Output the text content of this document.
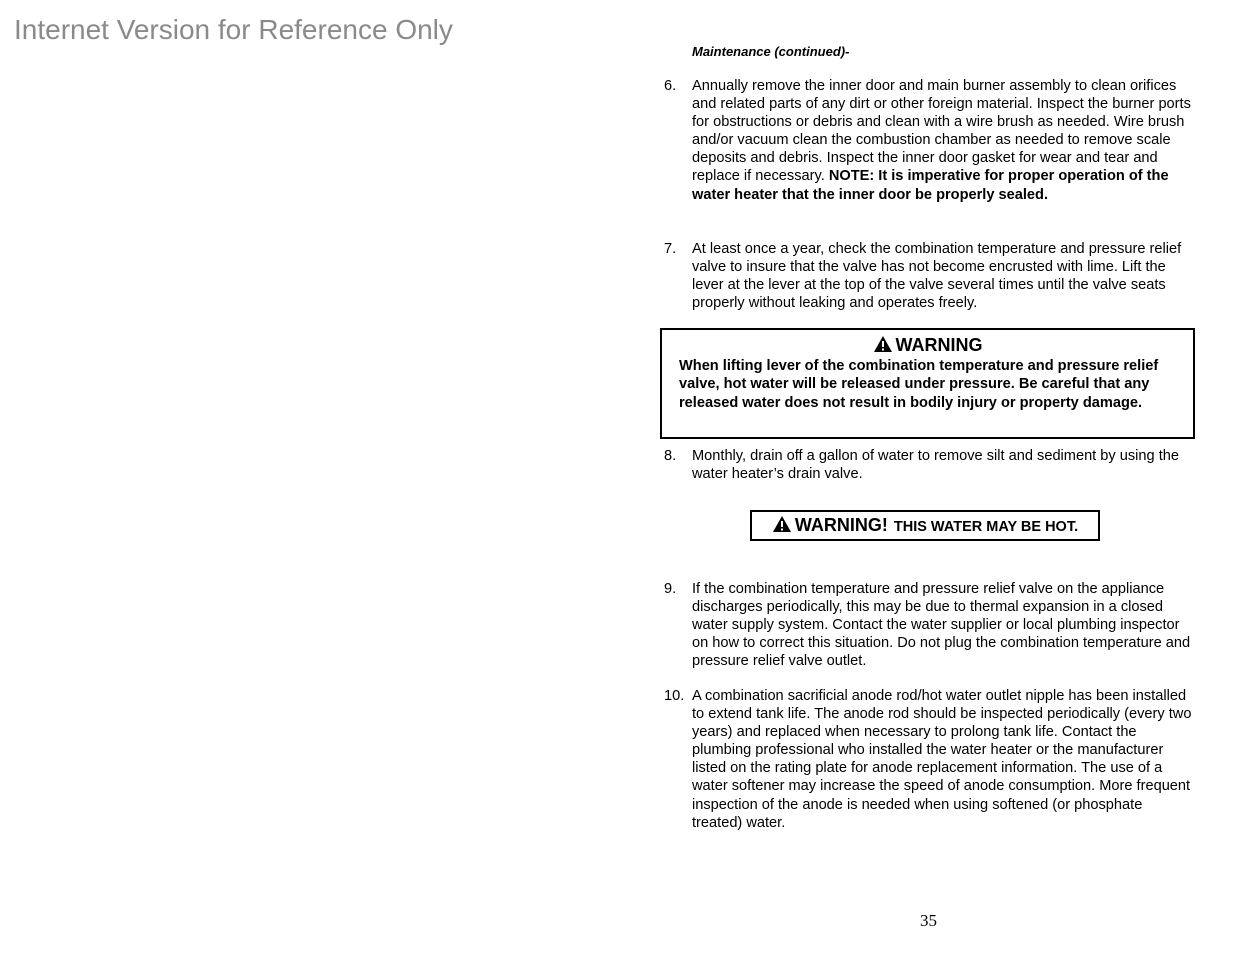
Internet Version for Reference Only
Maintenance (continued)-
6. Annually remove the inner door and main burner assembly to clean orifices and related parts of any dirt or other foreign material. Inspect the burner ports for obstructions or debris and clean with a wire brush as needed. Wire brush and/or vacuum clean the combustion chamber as needed to remove scale deposits and debris. Inspect the inner door gasket for wear and tear and replace if necessary. NOTE: It is imperative for proper operation of the water heater that the inner door be properly sealed.
7. At least once a year, check the combination temperature and pressure relief valve to insure that the valve has not become encrusted with lime. Lift the lever at the lever at the top of the valve several times until the valve seats properly without leaking and operates freely.
WARNING
When lifting lever of the combination temperature and pressure relief valve, hot water will be released under pressure. Be careful that any released water does not result in bodily injury or property damage.
8. Monthly, drain off a gallon of water to remove silt and sediment by using the water heater’s drain valve.
WARNING! THIS WATER MAY BE HOT.
9. If the combination temperature and pressure relief valve on the appliance discharges periodically, this may be due to thermal expansion in a closed water supply system. Contact the water supplier or local plumbing inspector on how to correct this situation. Do not plug the combination temperature and pressure relief valve outlet.
10. A combination sacrificial anode rod/hot water outlet nipple has been installed to extend tank life. The anode rod should be inspected periodically (every two years) and replaced when necessary to prolong tank life. Contact the plumbing professional who installed the water heater or the manufacturer listed on the rating plate for anode replacement information. The use of a water softener may increase the speed of anode consumption. More frequent inspection of the anode is needed when using softened (or phosphate treated) water.
35
